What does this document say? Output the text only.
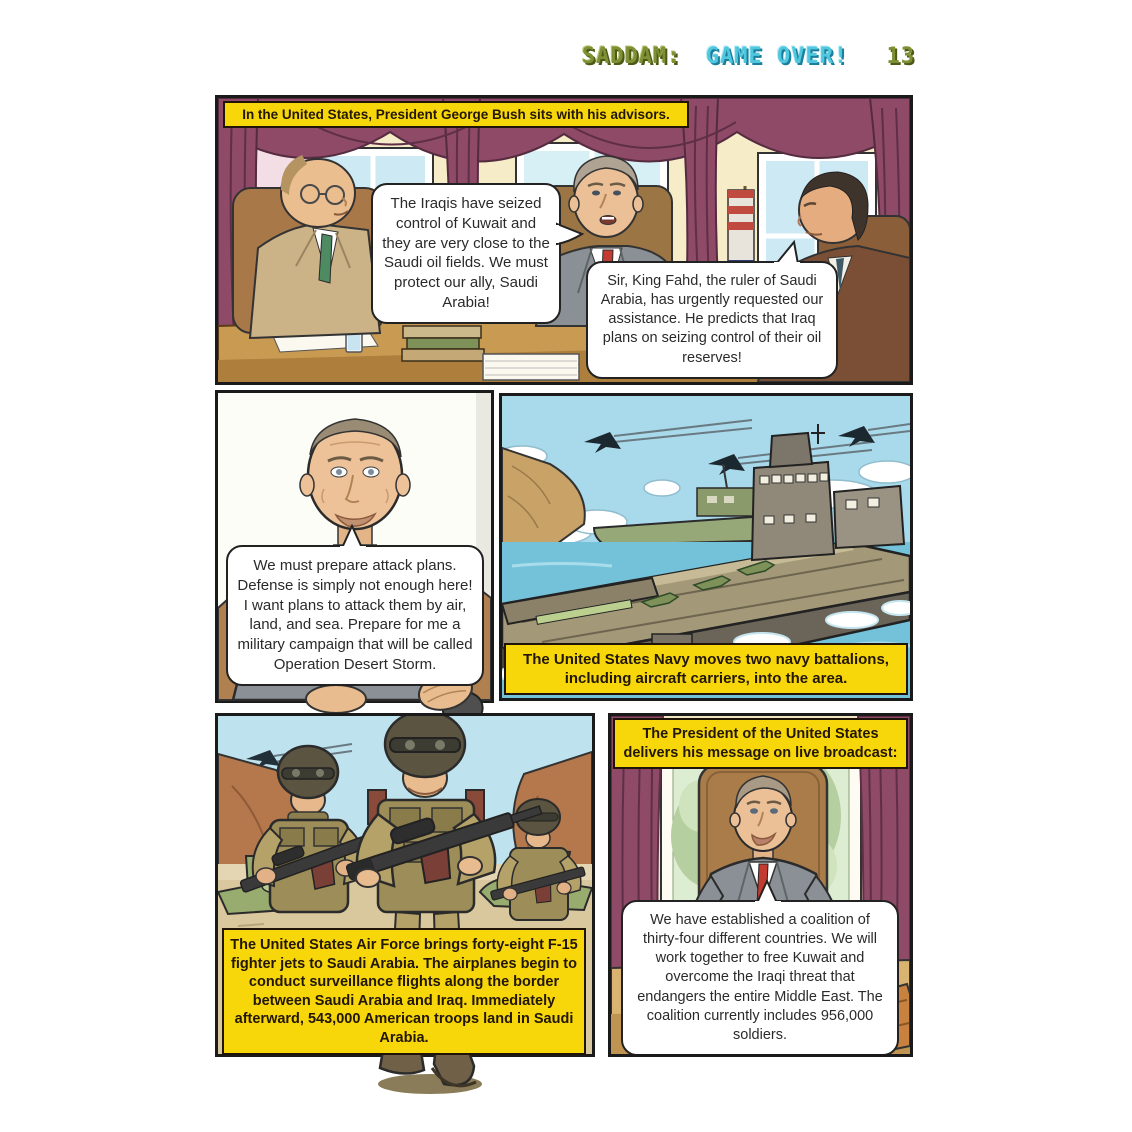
SADDAM: GAME OVER! 13
In the United States, President George Bush sits with his advisors.
The Iraqis have seized control of Kuwait and they are very close to the Saudi oil fields. We must protect our ally, Saudi Arabia!
Sir, King Fahd, the ruler of Saudi Arabia, has urgently requested our assistance. He predicts that Iraq plans on seizing control of their oil reserves!
We must prepare attack plans. Defense is simply not enough here! I want plans to attack them by air, land, and sea. Prepare for me a military campaign that will be called Operation Desert Storm.	The United States Navy moves two navy battalions, including aircraft carriers, into the area.
The United States Air Force brings forty-eight F-15 fighter jets to Saudi Arabia. The airplanes begin to conduct surveillance flights along the border between Saudi Arabia and Iraq. Immediately afterward, 543,000 American troops land in Saudi Arabia.
The President of the United States delivers his message on live broadcast:
We have established a coalition of thirty-four different countries. We will work together to free Kuwait and overcome the Iraqi threat that endangers the entire Middle East. The coalition currently includes 956,000 soldiers.
